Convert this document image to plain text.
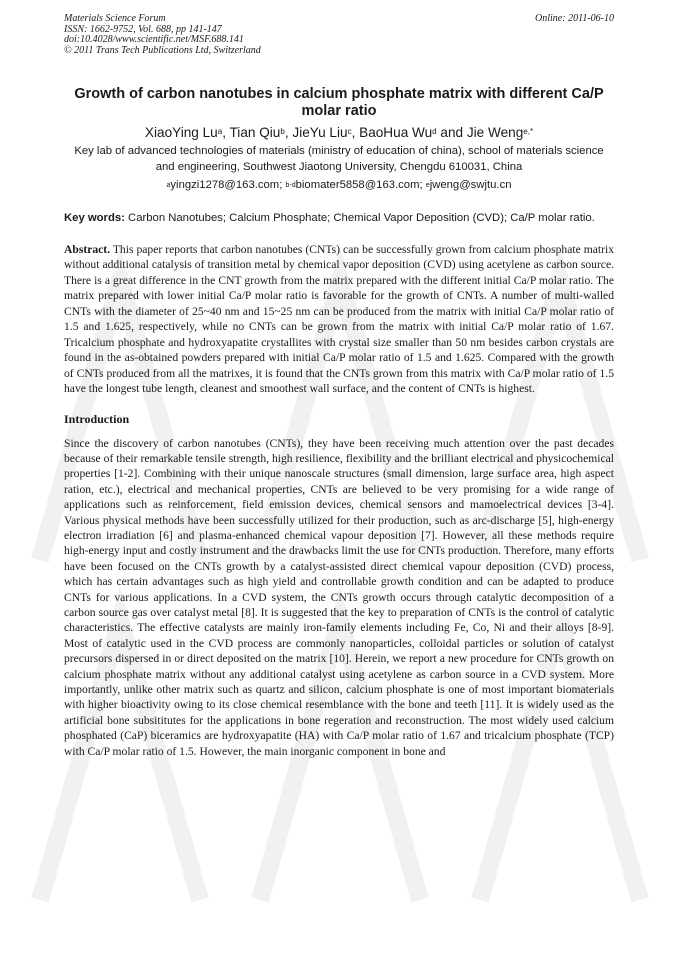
Materials Science Forum
ISSN: 1662-9752, Vol. 688, pp 141-147
doi:10.4028/www.scientific.net/MSF.688.141
© 2011 Trans Tech Publications Ltd, Switzerland
Online: 2011-06-10
Growth of carbon nanotubes in calcium phosphate matrix with different Ca/P molar ratio
XiaoYing Lu$^a$, Tian Qiu$^b$, JieYu Liu$^c$, BaoHua Wu$^d$ and Jie Weng$^{e,*}$
Key lab of advanced technologies of materials (ministry of education of china), school of materials science and engineering, Southwest Jiaotong University, Chengdu 610031, China
$^a$yingzi1278@163.com; $^{b-d}$biomater5858@163.com; $^e$jweng@swjtu.cn
Key words: Carbon Nanotubes; Calcium Phosphate; Chemical Vapor Deposition (CVD); Ca/P molar ratio.
Abstract. This paper reports that carbon nanotubes (CNTs) can be successfully grown from calcium phosphate matrix without additional catalysis of transition metal by chemical vapor deposition (CVD) using acetylene as carbon source. There is a great difference in the CNT growth from the matrix prepared with the different initial Ca/P molar ratio. The matrix prepared with lower initial Ca/P molar ratio is favorable for the growth of CNTs. A number of multi-walled CNTs with the diameter of 25~40 nm and 15~25 nm can be produced from the matrix with initial Ca/P molar ratio of 1.5 and 1.625, respectively, while no CNTs can be grown from the matrix with initial Ca/P molar ratio of 1.67. Tricalcium phosphate and hydroxyapatite crystallites with crystal size smaller than 50 nm besides carbon crystals are found in the as-obtained powders prepared with initial Ca/P molar ratio of 1.5 and 1.625. Compared with the growth of CNTs produced from all the matrixes, it is found that the CNTs grown from this matrix with Ca/P molar ratio of 1.5 have the longest tube length, cleanest and smoothest wall surface, and the content of CNTs is highest.
Introduction
Since the discovery of carbon nanotubes (CNTs), they have been receiving much attention over the past decades because of their remarkable tensile strength, high resilience, flexibility and the brilliant electrical and physicochemical properties [1-2]. Combining with their unique nanoscale structures (small dimension, large surface area, high aspect ration, etc.), electrical and mechanical properties, CNTs are believed to be very promising for a wide range of applications such as reinforcement, field emission devices, chemical sensors and mamoelectrical devices [3-4]. Various physical methods have been successfully utilized for their production, such as arc-discharge [5], high-energy electron irradiation [6] and plasma-enhanced chemical vapour deposition [7]. However, all these methods require high-energy input and costly instrument and the drawbacks limit the use for CNTs production. Therefore, many efforts have been focused on the CNTs growth by a catalyst-assisted direct chemical vapour deposition (CVD) process, which has certain advantages such as high yield and controllable growth condition and can be adapted to produce CNTs for various applications. In a CVD system, the CNTs growth occurs through catalytic decomposition of a carbon source gas over catalyst metal [8]. It is suggested that the key to preparation of CNTs is the control of catalytic characteristics. The effective catalysts are mainly iron-family elements including Fe, Co, Ni and their alloys [8-9]. Most of catalytic used in the CVD process are commonly nanoparticles, colloidal particles or solution of catalyst precursors dispersed in or direct deposited on the matrix [10]. Herein, we report a new procedure for CNTs growth on calcium phosphate matrix without any additional catalyst using acetylene as carbon source in a CVD system. More importantly, unlike other matrix such as quartz and silicon, calcium phosphate is one of most important biomaterials with higher bioactivity owing to its close chemical resemblance with the bone and teeth [11]. It is widely used as the artificial bone subsititutes for the applications in bone regeration and reconstruction. The most widely used calcium phosphated (CaP) biceramics are hydroxyapatite (HA) with Ca/P molar ratio of 1.67 and tricalcium phosphate (TCP) with Ca/P molar ratio of 1.5. However, the main inorganic component in bone and
